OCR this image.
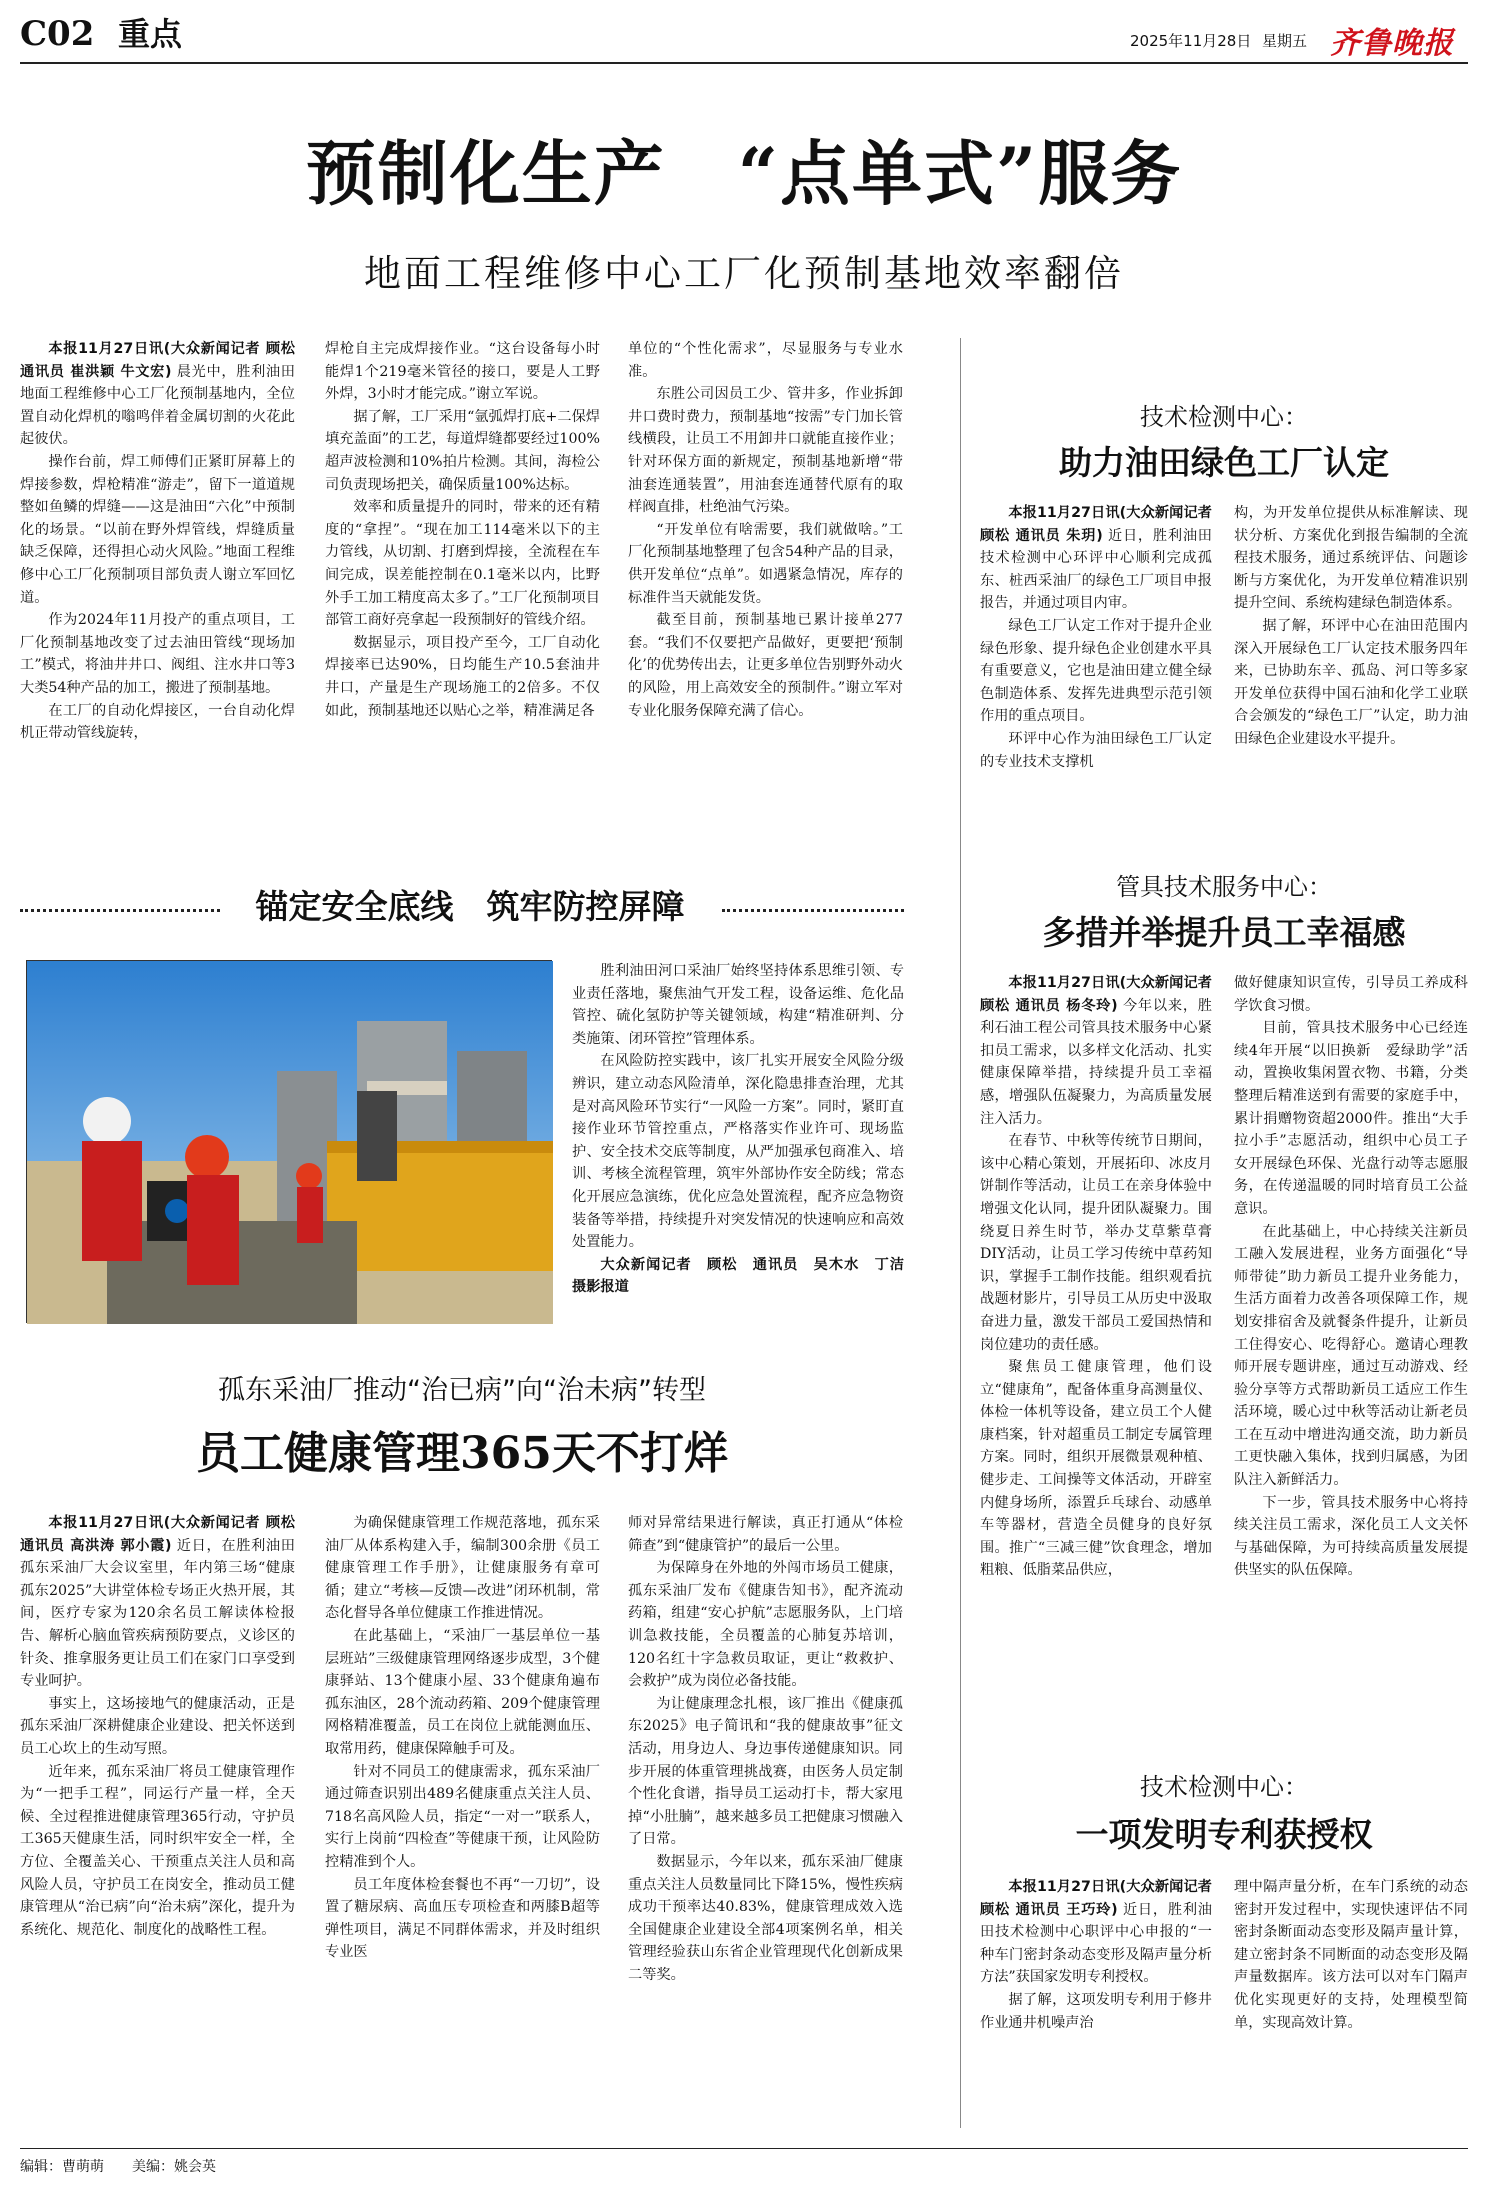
C02 重点	2025年11月28日 星期五 齐鲁晚报
预制化生产　“点单式”服务
地面工程维修中心工厂化预制基地效率翻倍

本报11月27日讯(大众新闻记者 顾松 通讯员 崔洪颖 牛文宏) 晨光中，胜利油田地面工程维修中心工厂化预制基地内，全位置自动化焊机的嗡鸣伴着金属切割的火花此起彼伏。

操作台前，焊工师傅们正紧盯屏幕上的焊接参数，焊枪精准“游走”，留下一道道规整如鱼鳞的焊缝——这是油田“六化”中预制化的场景。“以前在野外焊管线，焊缝质量缺乏保障，还得担心动火风险。”地面工程维修中心工厂化预制项目部负责人谢立军回忆道。

作为2024年11月投产的重点项目，工厂化预制基地改变了过去油田管线“现场加工”模式，将油井井口、阀组、注水井口等3大类54种产品的加工，搬进了预制基地。

在工厂的自动化焊接区，一台自动化焊机正带动管线旋转，

焊枪自主完成焊接作业。“这台设备每小时能焊1个219毫米管径的接口，要是人工野外焊，3小时才能完成。”谢立军说。

据了解，工厂采用“氩弧焊打底+二保焊填充盖面”的工艺，每道焊缝都要经过100%超声波检测和10%拍片检测。其间，海检公司负责现场把关，确保质量100%达标。

效率和质量提升的同时，带来的还有精度的“拿捏”。“现在加工114毫米以下的主力管线，从切割、打磨到焊接，全流程在车间完成，误差能控制在0.1毫米以内，比野外手工加工精度高太多了。”工厂化预制项目部管工商好亮拿起一段预制好的管线介绍。

数据显示，项目投产至今，工厂自动化焊接率已达90%，日均能生产10.5套油井井口，产量是生产现场施工的2倍多。不仅如此，预制基地还以贴心之举，精准满足各

单位的“个性化需求”，尽显服务与专业水准。

东胜公司因员工少、管井多，作业拆卸井口费时费力，预制基地“按需”专门加长管线横段，让员工不用卸井口就能直接作业；针对环保方面的新规定，预制基地新增“带油套连通装置”，用油套连通替代原有的取样阀直排，杜绝油气污染。

“开发单位有啥需要，我们就做啥。”工厂化预制基地整理了包含54种产品的目录，供开发单位“点单”。如遇紧急情况，库存的标准件当天就能发货。

截至目前，预制基地已累计接单277套。“我们不仅要把产品做好，更要把‘预制化’的优势传出去，让更多单位告别野外动火的风险，用上高效安全的预制件。”谢立军对专业化服务保障充满了信心。

锚定安全底线　筑牢防控屏障

胜利油田河口采油厂始终坚持体系思维引领、专业责任落地，聚焦油气开发工程，设备运维、危化品管控、硫化氢防护等关键领域，构建“精准研判、分类施策、闭环管控”管理体系。

在风险防控实践中，该厂扎实开展安全风险分级辨识，建立动态风险清单，深化隐患排查治理，尤其是对高风险环节实行“一风险一方案”。同时，紧盯直接作业环节管控重点，严格落实作业许可、现场监护、安全技术交底等制度，从严加强承包商准入、培训、考核全流程管理，筑牢外部协作安全防线；常态化开展应急演练，优化应急处置流程，配齐应急物资装备等举措，持续提升对突发情况的快速响应和高效处置能力。

大众新闻记者　顾松　通讯员　吴木水　丁洁　摄影报道

孤东采油厂推动“治已病”向“治未病”转型
员工健康管理365天不打烊

本报11月27日讯(大众新闻记者 顾松 通讯员 高洪涛 郭小霞) 近日，在胜利油田孤东采油厂大会议室里，年内第三场“健康孤东2025”大讲堂体检专场正火热开展，其间，医疗专家为120余名员工解读体检报告、解析心脑血管疾病预防要点，义诊区的针灸、推拿服务更让员工们在家门口享受到专业呵护。

事实上，这场接地气的健康活动，正是孤东采油厂深耕健康企业建设、把关怀送到员工心坎上的生动写照。

近年来，孤东采油厂将员工健康管理作为“一把手工程”，同运行产量一样，全天候、全过程推进健康管理365行动，守护员工365天健康生活，同时织牢安全一样，全方位、全覆盖关心、干预重点关注人员和高风险人员，守护员工在岗安全，推动员工健康管理从“治已病”向“治未病”深化，提升为系统化、规范化、制度化的战略性工程。

为确保健康管理工作规范落地，孤东采油厂从体系构建入手，编制300余册《员工健康管理工作手册》，让健康服务有章可循；建立“考核—反馈—改进”闭环机制，常态化督导各单位健康工作推进情况。

在此基础上，“采油厂一基层单位一基层班站”三级健康管理网络逐步成型，3个健康驿站、13个健康小屋、33个健康角遍布孤东油区，28个流动药箱、209个健康管理网格精准覆盖，员工在岗位上就能测血压、取常用药，健康保障触手可及。

针对不同员工的健康需求，孤东采油厂通过筛查识别出489名健康重点关注人员、718名高风险人员，指定“一对一”联系人，实行上岗前“四检查”等健康干预，让风险防控精准到个人。

员工年度体检套餐也不再“一刀切”，设置了糖尿病、高血压专项检查和两膝B超等弹性项目，满足不同群体需求，并及时组织专业医

师对异常结果进行解读，真正打通从“体检筛查”到“健康管护”的最后一公里。

为保障身在外地的外闯市场员工健康，孤东采油厂发布《健康告知书》，配齐流动药箱，组建“安心护航”志愿服务队，上门培训急救技能，全员覆盖的心肺复苏培训，120名红十字急救员取证，更让“救救护、会救护”成为岗位必备技能。

为让健康理念扎根，该厂推出《健康孤东2025》电子简讯和“我的健康故事”征文活动，用身边人、身边事传递健康知识。同步开展的体重管理挑战赛，由医务人员定制个性化食谱，指导员工运动打卡，帮大家甩掉“小肚腩”，越来越多员工把健康习惯融入了日常。

数据显示，今年以来，孤东采油厂健康重点关注人员数量同比下降15%，慢性疾病成功干预率达40.83%，健康管理成效入选全国健康企业建设全部4项案例名单，相关管理经验获山东省企业管理现代化创新成果二等奖。

技术检测中心：
助力油田绿色工厂认定

本报11月27日讯(大众新闻记者 顾松 通讯员 朱玥) 近日，胜利油田技术检测中心环评中心顺利完成孤东、桩西采油厂的绿色工厂项目申报报告，并通过项目内审。

绿色工厂认定工作对于提升企业绿色形象、提升绿色企业创建水平具有重要意义，它也是油田建立健全绿色制造体系、发挥先进典型示范引领作用的重点项目。

环评中心作为油田绿色工厂认定的专业技术支撑机

构，为开发单位提供从标准解读、现状分析、方案优化到报告编制的全流程技术服务，通过系统评估、问题诊断与方案优化，为开发单位精准识别提升空间、系统构建绿色制造体系。

据了解，环评中心在油田范围内深入开展绿色工厂认定技术服务四年来，已协助东辛、孤岛、河口等多家开发单位获得中国石油和化学工业联合会颁发的“绿色工厂”认定，助力油田绿色企业建设水平提升。

管具技术服务中心：
多措并举提升员工幸福感

本报11月27日讯(大众新闻记者 顾松 通讯员 杨冬玲) 今年以来，胜利石油工程公司管具技术服务中心紧扣员工需求，以多样文化活动、扎实健康保障举措，持续提升员工幸福感，增强队伍凝聚力，为高质量发展注入活力。

在春节、中秋等传统节日期间，该中心精心策划，开展拓印、冰皮月饼制作等活动，让员工在亲身体验中增强文化认同，提升团队凝聚力。围绕夏日养生时节，举办艾草紫草膏DIY活动，让员工学习传统中草药知识，掌握手工制作技能。组织观看抗战题材影片，引导员工从历史中汲取奋进力量，激发干部员工爱国热情和岗位建功的责任感。

聚焦员工健康管理，他们设立“健康角”，配备体重身高测量仪、体检一体机等设备，建立员工个人健康档案，针对超重员工制定专属管理方案。同时，组织开展微景观种植、健步走、工间操等文体活动，开辟室内健身场所，添置乒乓球台、动感单车等器材，营造全员健身的良好氛围。推广“三减三健”饮食理念，增加粗粮、低脂菜品供应，

做好健康知识宣传，引导员工养成科学饮食习惯。

目前，管具技术服务中心已经连续4年开展“以旧换新　爱绿助学”活动，置换收集闲置衣物、书籍，分类整理后精准送到有需要的家庭手中，累计捐赠物资超2000件。推出“大手拉小手”志愿活动，组织中心员工子女开展绿色环保、光盘行动等志愿服务，在传递温暖的同时培育员工公益意识。

在此基础上，中心持续关注新员工融入发展进程，业务方面强化“导师带徒”助力新员工提升业务能力，生活方面着力改善各项保障工作，规划安排宿舍及就餐条件提升，让新员工住得安心、吃得舒心。邀请心理教师开展专题讲座，通过互动游戏、经验分享等方式帮助新员工适应工作生活环境，暖心过中秋等活动让新老员工在互动中增进沟通交流，助力新员工更快融入集体，找到归属感，为团队注入新鲜活力。

下一步，管具技术服务中心将持续关注员工需求，深化员工人文关怀与基础保障，为可持续高质量发展提供坚实的队伍保障。

技术检测中心：
一项发明专利获授权

本报11月27日讯(大众新闻记者 顾松 通讯员 王巧玲) 近日，胜利油田技术检测中心职评中心申报的“一种车门密封条动态变形及隔声量分析方法”获国家发明专利授权。

据了解，这项发明专利用于修井作业通井机噪声治

理中隔声量分析，在车门系统的动态密封开发过程中，实现快速评估不同密封条断面动态变形及隔声量计算，建立密封条不同断面的动态变形及隔声量数据库。该方法可以对车门隔声优化实现更好的支持，处理模型简单，实现高效计算。

编辑：曹萌萌 美编：姚会英
